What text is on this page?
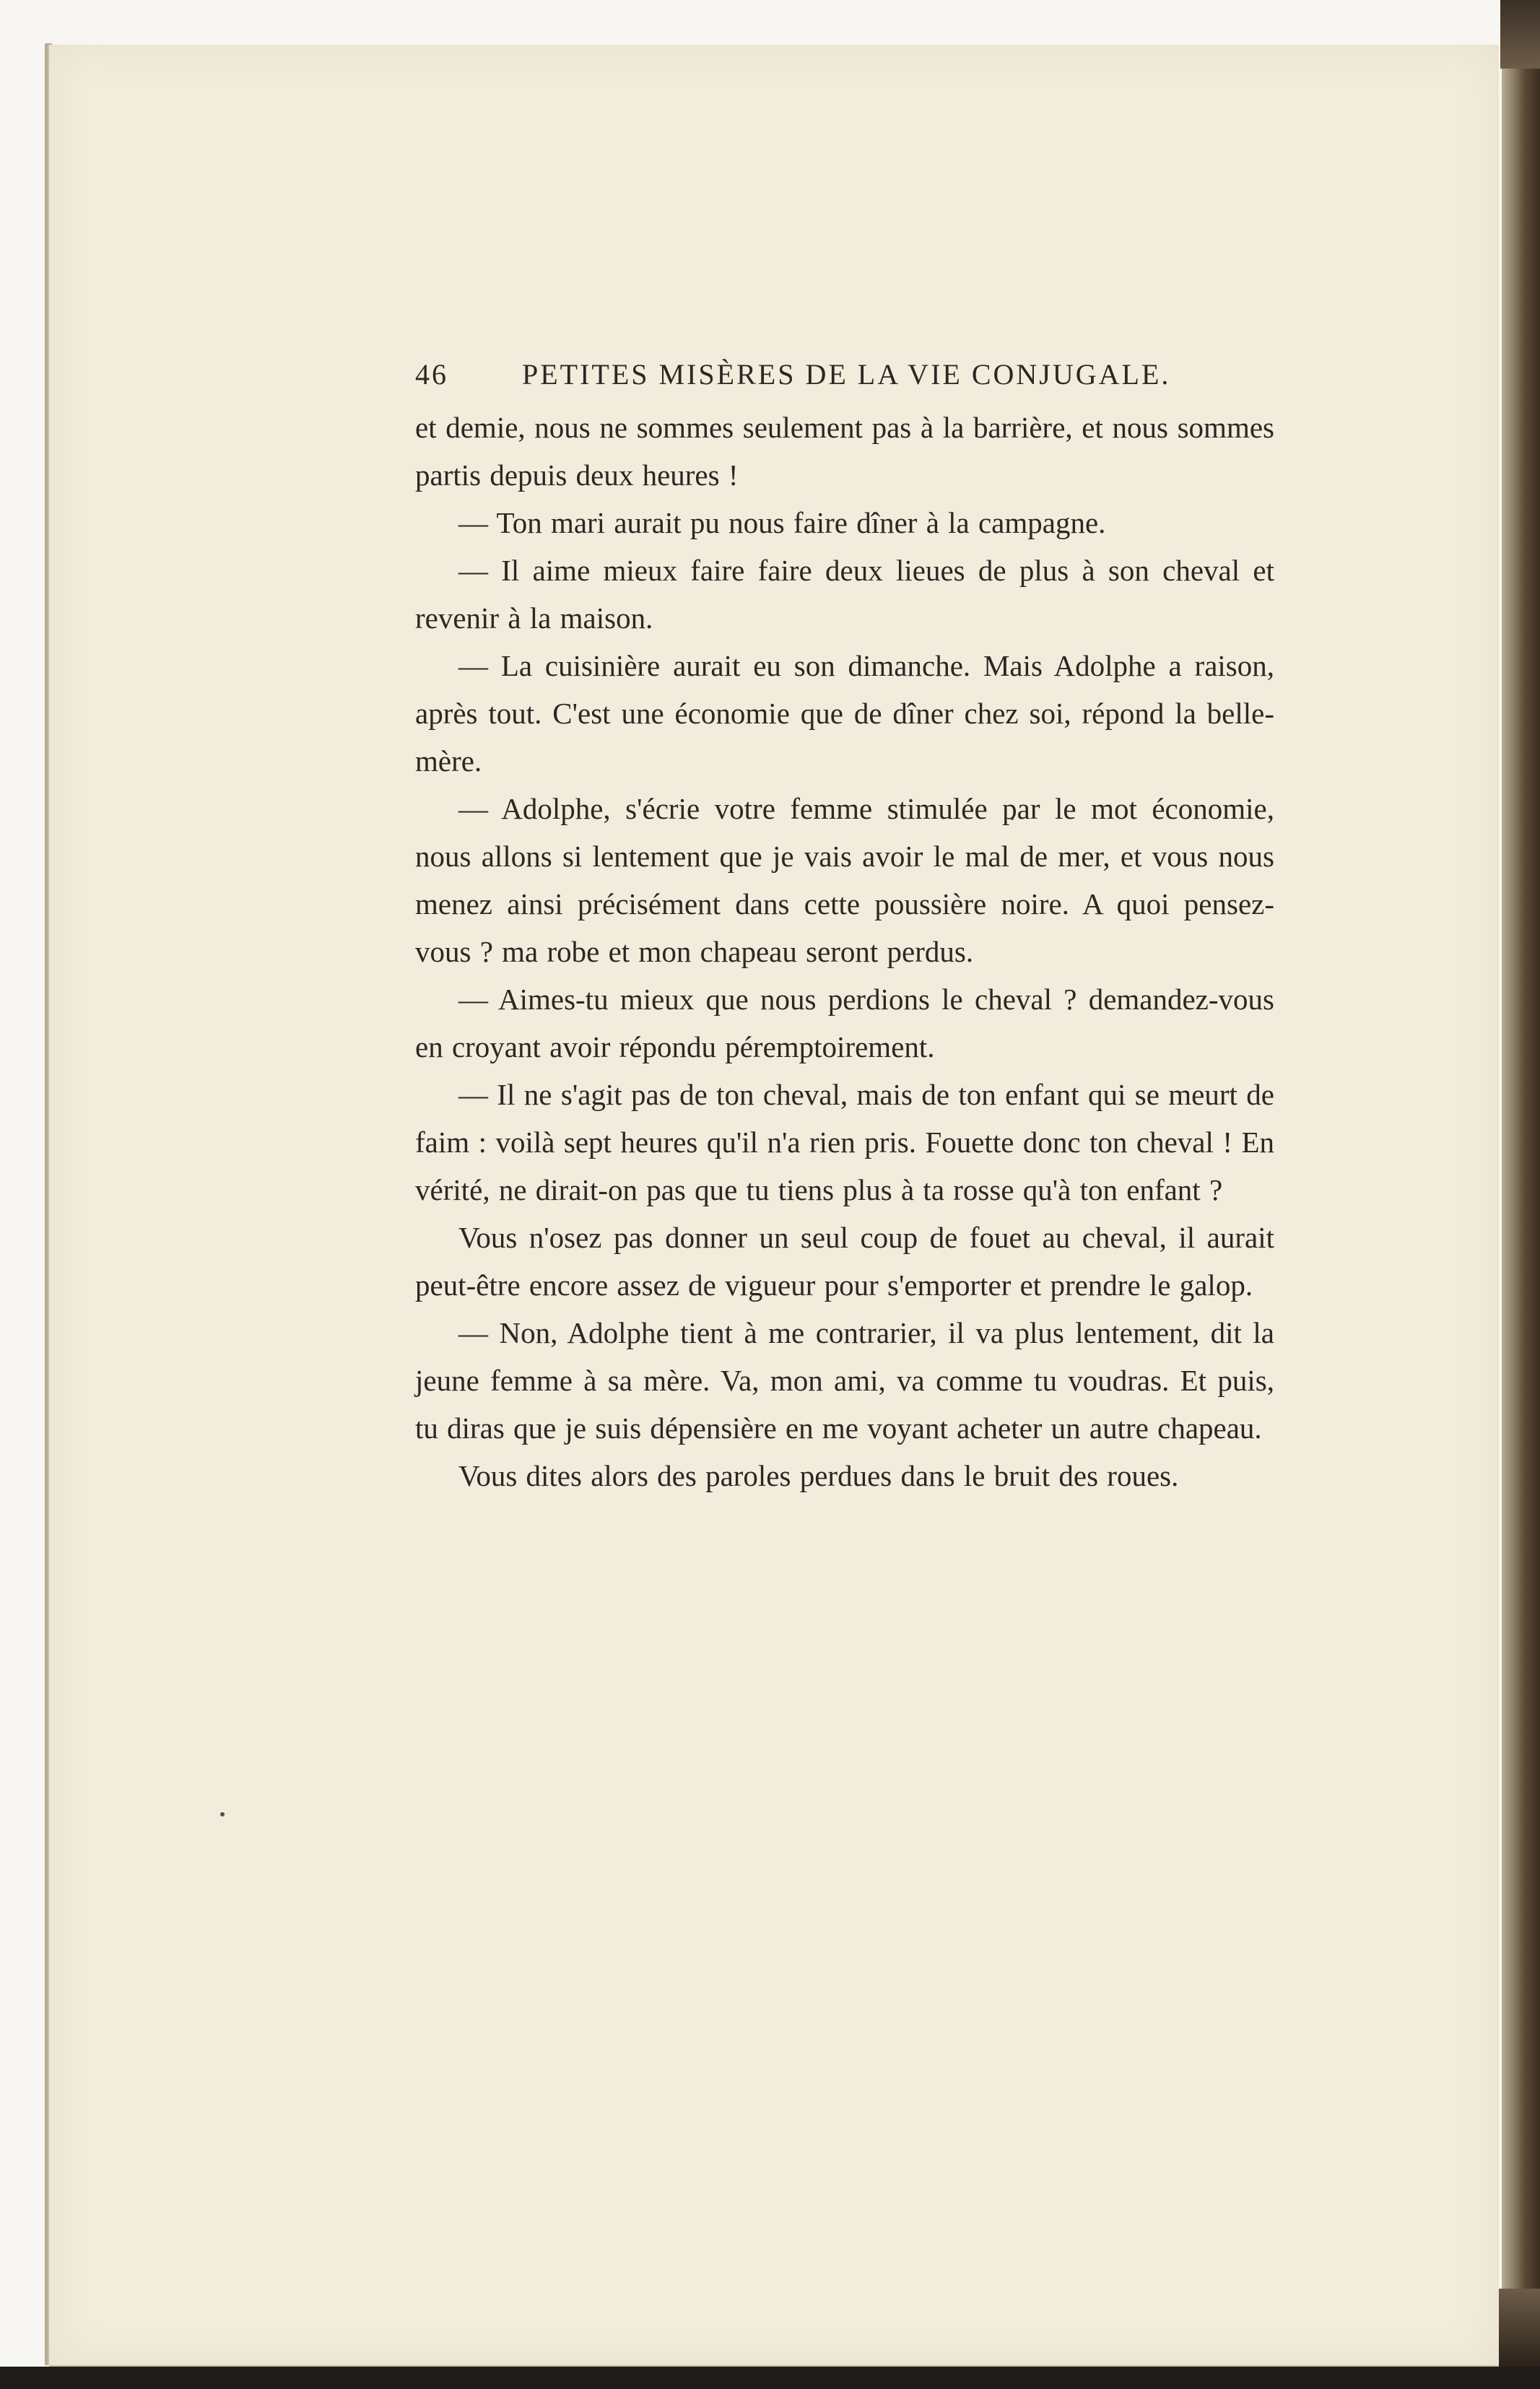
46	PETITES MISÈRES DE LA VIE CONJUGALE.

et demie, nous ne sommes seulement pas à la barrière, et nous sommes partis depuis deux heures !

— Ton mari aurait pu nous faire dîner à la campagne.

— Il aime mieux faire faire deux lieues de plus à son cheval et revenir à la maison.

— La cuisinière aurait eu son dimanche. Mais Adolphe a raison, après tout. C'est une économie que de dîner chez soi, répond la belle-mère.

— Adolphe, s'écrie votre femme stimulée par le mot économie, nous allons si lentement que je vais avoir le mal de mer, et vous nous menez ainsi précisément dans cette poussière noire. A quoi pensez-vous ? ma robe et mon chapeau seront perdus.

— Aimes-tu mieux que nous perdions le cheval ? demandez-vous en croyant avoir répondu péremptoirement.

— Il ne s'agit pas de ton cheval, mais de ton enfant qui se meurt de faim : voilà sept heures qu'il n'a rien pris. Fouette donc ton cheval ! En vérité, ne dirait-on pas que tu tiens plus à ta rosse qu'à ton enfant ?

Vous n'osez pas donner un seul coup de fouet au cheval, il aurait peut-être encore assez de vigueur pour s'emporter et prendre le galop.

— Non, Adolphe tient à me contrarier, il va plus lentement, dit la jeune femme à sa mère. Va, mon ami, va comme tu voudras. Et puis, tu diras que je suis dépensière en me voyant acheter un autre chapeau.

Vous dites alors des paroles perdues dans le bruit des roues.
